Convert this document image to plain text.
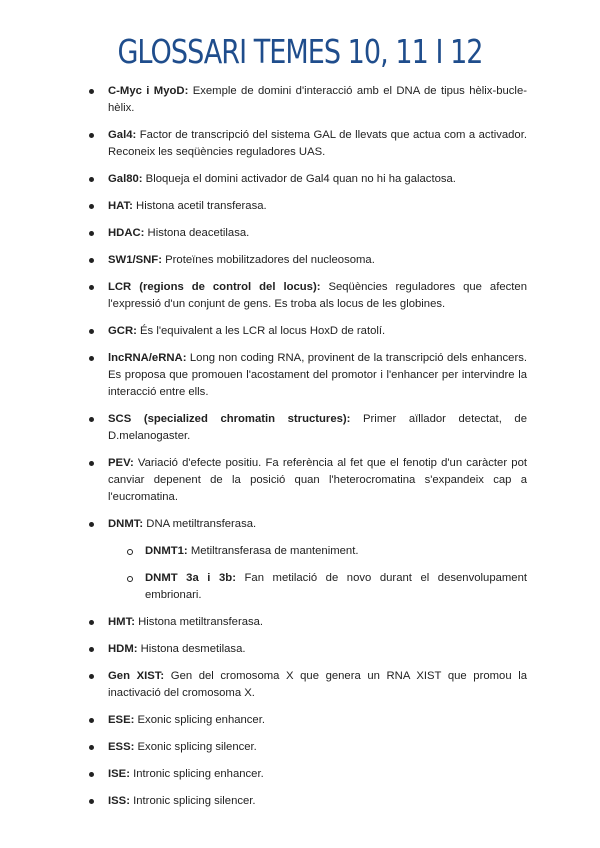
GLOSSARI TEMES 10, 11 I 12
C-Myc i MyoD: Exemple de domini d'interacció amb el DNA de tipus hèlix-bucle-hèlix.
Gal4: Factor de transcripció del sistema GAL de llevats que actua com a activador. Reconeix les seqüències reguladores UAS.
Gal80: Bloqueja el domini activador de Gal4 quan no hi ha galactosa.
HAT: Histona acetil transferasa.
HDAC: Histona deacetilasa.
SW1/SNF: Proteïnes mobilitzadores del nucleosoma.
LCR (regions de control del locus): Seqüències reguladores que afecten l'expressió d'un conjunt de gens. Es troba als locus de les globines.
GCR: És l'equivalent a les LCR al locus HoxD de ratolí.
lncRNA/eRNA: Long non coding RNA, provinent de la transcripció dels enhancers. Es proposa que promouen l'acostament del promotor i l'enhancer per intervindre la interacció entre ells.
SCS (specialized chromatin structures): Primer aïllador detectat, de D.melanogaster.
PEV: Variació d'efecte positiu. Fa referència al fet que el fenotip d'un caràcter pot canviar depenent de la posició quan l'heterocromatina s'expandeix cap a l'eucromatina.
DNMT: DNA metiltransferasa.
DNMT1: Metiltransferasa de manteniment.
DNMT 3a i 3b: Fan metilació de novo durant el desenvolupament embrionari.
HMT: Histona metiltransferasa.
HDM: Histona desmetilasa.
Gen XIST: Gen del cromosoma X que genera un RNA XIST que promou la inactivació del cromosoma X.
ESE: Exonic splicing enhancer.
ESS: Exonic splicing silencer.
ISE: Intronic splicing enhancer.
ISS: Intronic splicing silencer.
